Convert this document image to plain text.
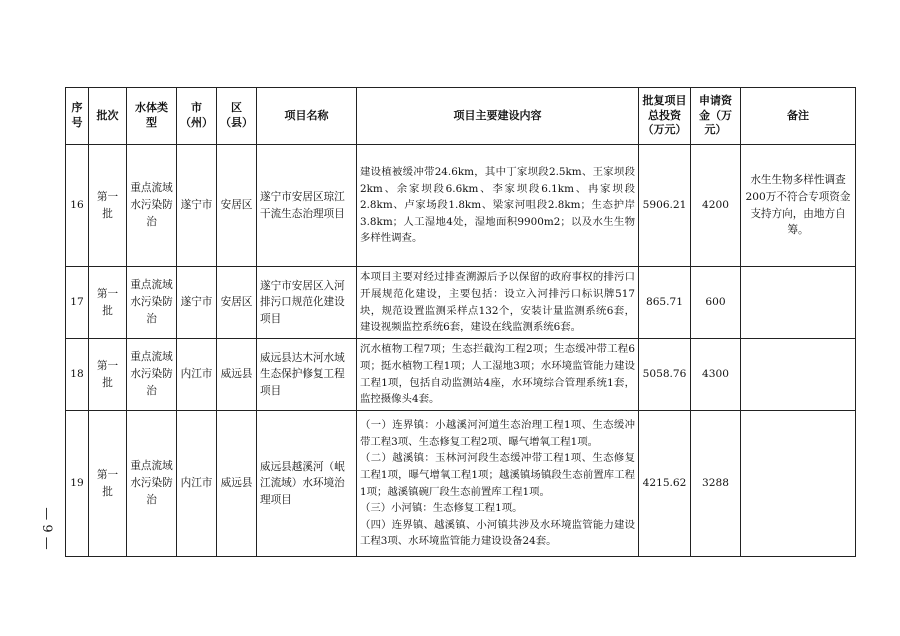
— 9 —
序号	批次	水体类型	市（州）	区（县）	项目名称	项目主要建设内容	批复项目总投资（万元）	申请资金（万元）	备注
16	第一批	重点流域水污染防治	遂宁市	安居区	遂宁市安居区琼江干流生态治理项目	建设植被缓冲带24.6km，其中丁家坝段2.5km、王家坝段2km、余家坝段6.6km、李家坝段6.1km、冉家坝段2.8km、卢家场段1.8km、梁家河咀段2.8km；生态护岸3.8km；人工湿地4处，湿地面积9900m2；以及水生生物多样性调查。	5906.21	4200	水生生物多样性调查200万不符合专项资金支持方向，由地方自筹。
17	第一批	重点流域水污染防治	遂宁市	安居区	遂宁市安居区入河排污口规范化建设项目	本项目主要对经过排查溯源后予以保留的政府事权的排污口开展规范化建设，主要包括：设立入河排污口标识牌517块，规范设置监测采样点132个，安装计量监测系统6套，建设视频监控系统6套，建设在线监测系统6套。	865.71	600	
18	第一批	重点流域水污染防治	内江市	威远县	威远县达木河水域生态保护修复工程项目	沉水植物工程7项；生态拦截沟工程2项；生态缓冲带工程6项；挺水植物工程1项；人工湿地3项；水环境监管能力建设工程1项，包括自动监测站4座，水环境综合管理系统1套，监控摄像头4套。	5058.76	4300	
19	第一批	重点流域水污染防治	内江市	威远县	威远县越溪河（岷江流域）水环境治理项目	（一）连界镇：小越溪河河道生态治理工程1项、生态缓冲带工程3项、生态修复工程2项、曝气增氧工程1项。
（二）越溪镇：玉林河河段生态缓冲带工程1项、生态修复工程1项，曝气增氧工程1项；越溪镇场镇段生态前置库工程1项；越溪镇碗厂段生态前置库工程1项。
（三）小河镇：生态修复工程1项。
（四）连界镇、越溪镇、小河镇共涉及水环境监管能力建设工程3项、水环境监管能力建设设备24套。	4215.62	3288	
